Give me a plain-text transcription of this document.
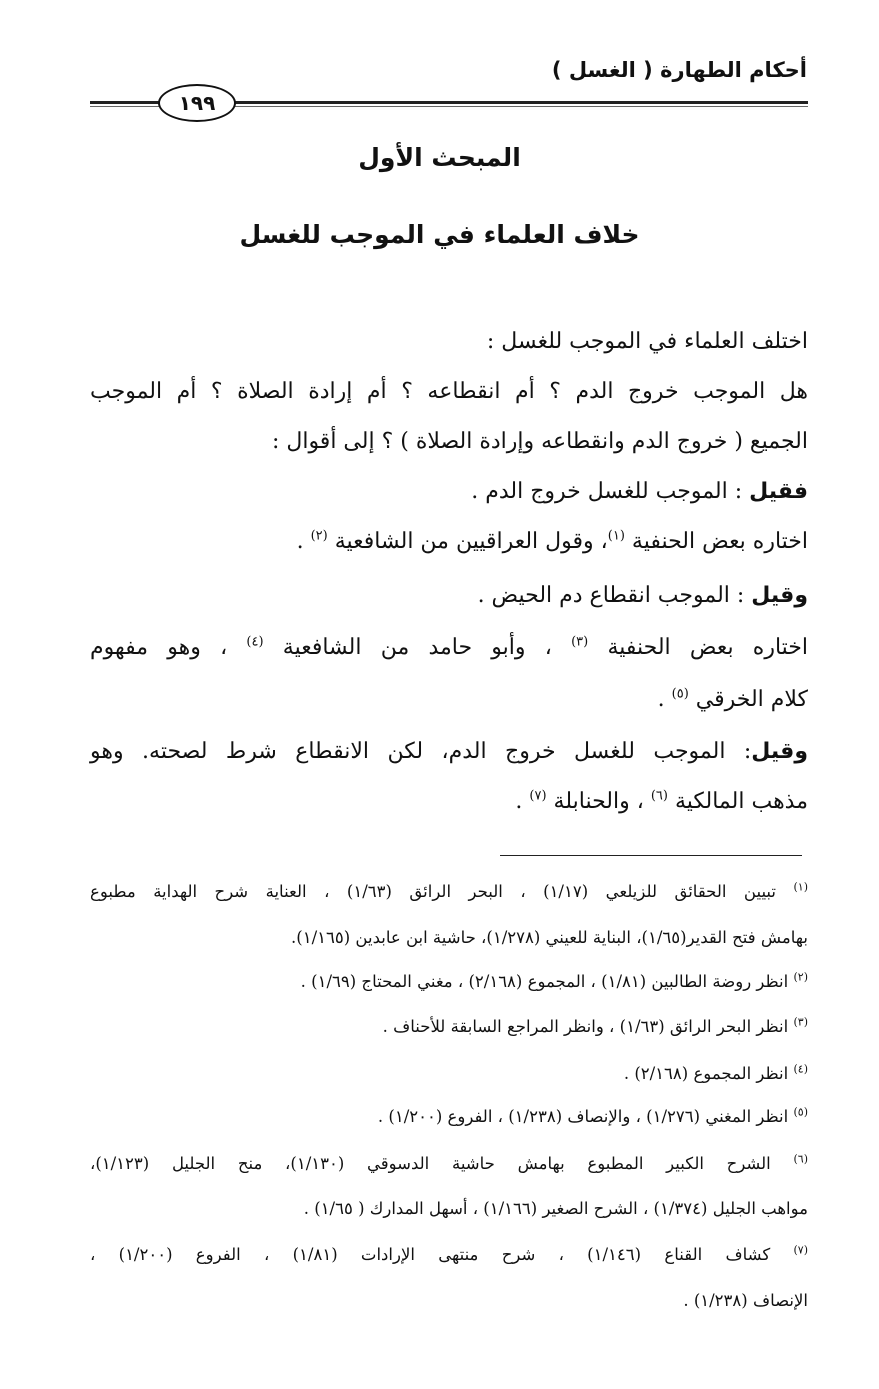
أحكام الطهارة ( الغسل )
١٩٩
المبحث الأول
خلاف العلماء في الموجب للغسل
اختلف العلماء في الموجب للغسل :
هل الموجب خروج الدم ؟ أم انقطاعه ؟ أم إرادة الصلاة ؟ أم الموجب
الجميع ( خروج الدم وانقطاعه وإرادة الصلاة ) ؟ إلى أقوال :
فقيل : الموجب للغسل خروج الدم .
اختاره بعض الحنفية $^{(١)}$، وقول العراقيين من الشافعية $^{(٢)}$ .
وقيل : الموجب انقطاع دم الحيض .
اختاره بعض الحنفية $^{(٣)}$ ، وأبو حامد من الشافعية $^{(٤)}$ ، وهو مفهوم
كلام الخرقي $^{(٥)}$ .
وقيل: الموجب للغسل خروج الدم، لكن الانقطاع شرط لصحته. وهو
مذهب المالكية $^{(٦)}$ ، والحنابلة $^{(٧)}$ .
$^{(١)}$ تبيين الحقائق للزيلعي (١/١٧) ، البحر الرائق (١/٦٣) ، العناية شرح الهداية مطبوع
بهامش فتح القدير(١/٦٥)، البناية للعيني (١/٢٧٨)، حاشية ابن عابدين (١/١٦٥).
$^{(٢)}$ انظر روضة الطالبين (١/٨١) ، المجموع (٢/١٦٨) ، مغني المحتاج (١/٦٩) .
$^{(٣)}$ انظر البحر الرائق (١/٦٣) ، وانظر المراجع السابقة للأحناف .
$^{(٤)}$ انظر المجموع (٢/١٦٨) .
$^{(٥)}$ انظر المغني (١/٢٧٦) ، والإنصاف (١/٢٣٨) ، الفروع (١/٢٠٠) .
$^{(٦)}$ الشرح الكبير المطبوع بهامش حاشية الدسوقي (١/١٣٠)، منح الجليل (١/١٢٣)،
مواهب الجليل (١/٣٧٤) ، الشرح الصغير (١/١٦٦) ، أسهل المدارك ( ١/٦٥) .
$^{(٧)}$ كشاف القناع (١/١٤٦) ، شرح منتهى الإرادات (١/٨١) ، الفروع (١/٢٠٠) ،
الإنصاف (١/٢٣٨) .
